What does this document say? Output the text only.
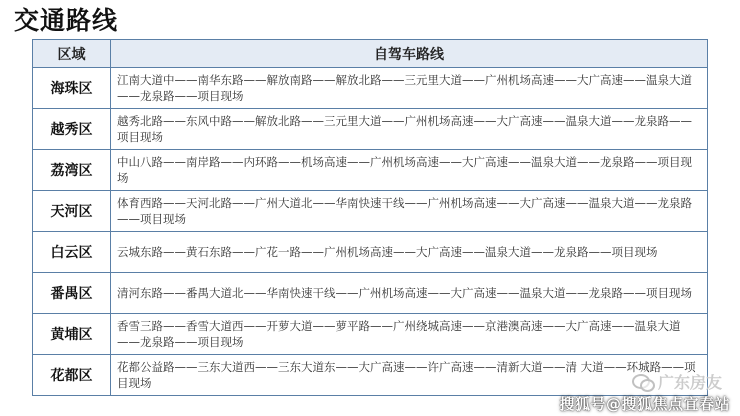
交通路线
区域	自驾车路线
海珠区	江南大道中——南华东路——解放南路——解放北路——三元里大道——广州机场高速——大广高速——温泉大道——龙泉路——项目现场
越秀区	越秀北路——东风中路——解放北路——三元里大道——广州机场高速——大广高速——温泉大道——龙泉路——项目现场
荔湾区	中山八路——南岸路——内环路——机场高速——广州机场高速——大广高速——温泉大道——龙泉路——项目现场
天河区	体育西路——天河北路——广州大道北——华南快速干线——广州机场高速——大广高速——温泉大道——龙泉路——项目现场
白云区	云城东路——黄石东路——广花一路——广州机场高速——大广高速——温泉大道——龙泉路——项目现场
番禺区	清河东路——番禺大道北——华南快速干线——广州机场高速——大广高速——温泉大道——龙泉路——项目现场
黄埔区	香雪三路——香雪大道西——开萝大道——萝平路——广州绕城高速——京港澳高速——大广高速——温泉大道——龙泉路——项目现场
花都区	花都公益路——三东大道西——三东大道东——大广高速——许广高速——清新大道——清 大道——环城路——项目现场	广东房友
搜狐号@搜狐焦点宜春站
